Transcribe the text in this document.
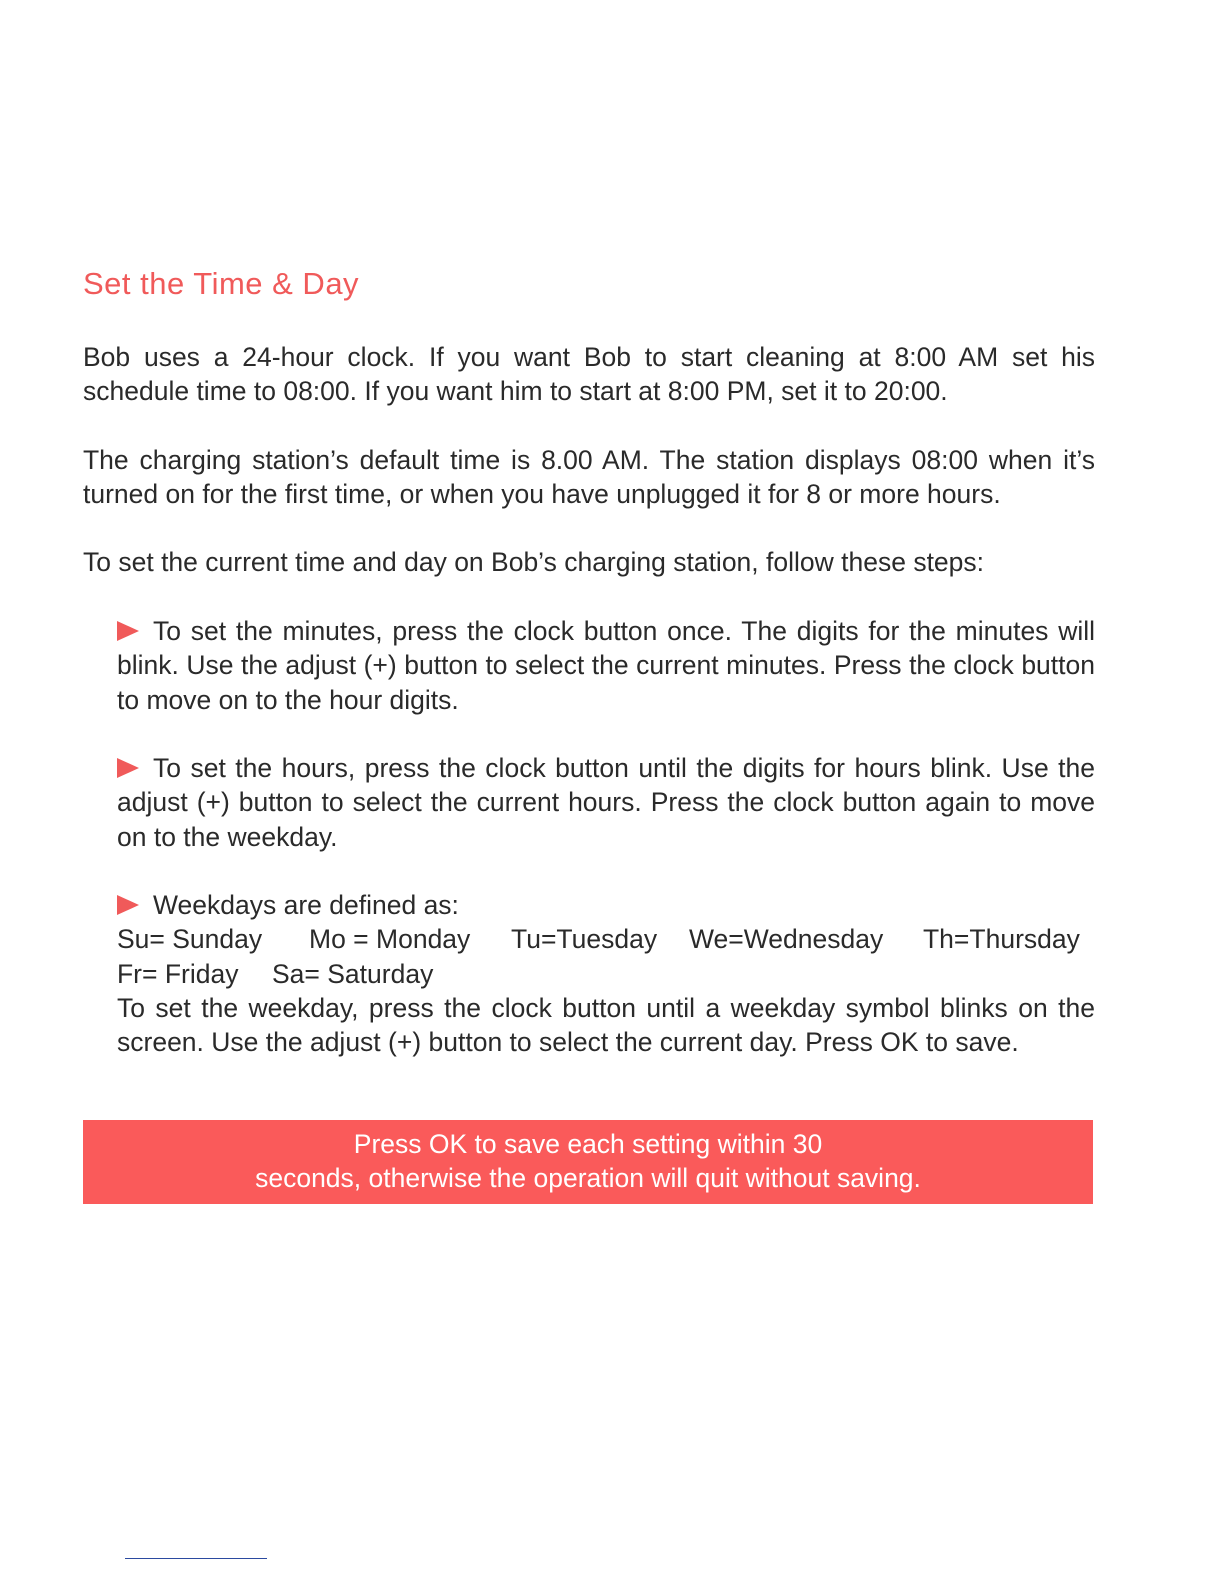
Set the Time & Day

Bob uses a 24-hour clock. If you want Bob to start cleaning at 8:00 AM set his schedule time to 08:00. If you want him to start at 8:00 PM, set it to 20:00.

The charging station’s default time is 8.00 AM. The station displays 08:00 when it’s turned on for the first time, or when you have unplugged it for 8 or more hours.

To set the current time and day on Bob’s charging station, follow these steps:

To set the minutes, press the clock button once. The digits for the minutes will blink. Use the adjust (+) button to select the current minutes. Press the clock button to move on to the hour digits.

To set the hours, press the clock button until the digits for hours blink. Use the adjust (+) button to select the current hours. Press the clock button again to move on to the weekday.

Weekdays are defined as:
Su= Sunday Mo = Monday Tu=Tuesday We=Wednesday Th=Thursday
Fr= Friday Sa= Saturday
To set the weekday, press the clock button until a weekday symbol blinks on the screen. Use the adjust (+) button to select the current day. Press OK to save.
Press OK to save each setting within 30
seconds, otherwise the operation will quit without saving.
